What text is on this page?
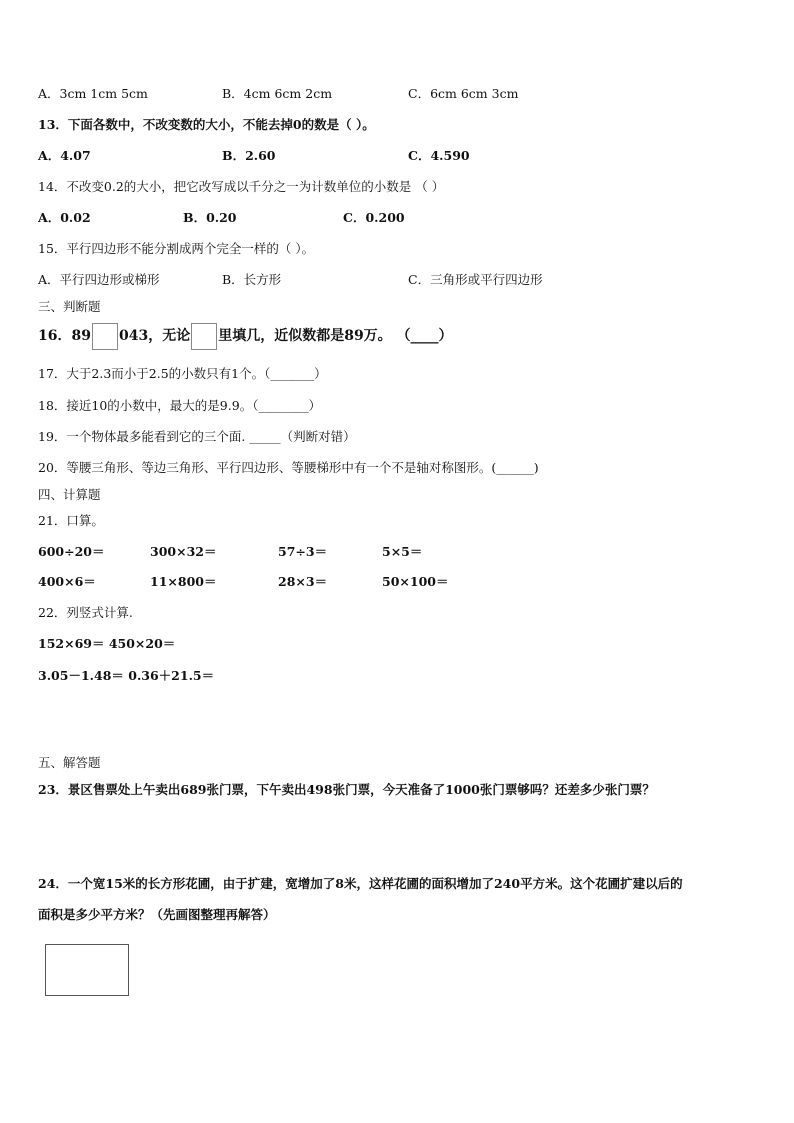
A．3cm 1cm 5cm	B．4cm 6cm 2cm	C．6cm 6cm 3cm
13．下面各数中，不改变数的大小，不能去掉0的数是（ ）。
A．4.07	B．2.60	C．4.590
14．不改变0.2的大小，把它改写成以千分之一为计数单位的小数是 （ ）
A．0.02	B．0.20	C．0.200
15．平行四边形不能分割成两个完全一样的（ ）。
A．平行四边形或梯形	B．长方形	C．三角形或平行四边形
三、判断题
16．89 043，无论 里填几，近似数都是89万。 （____）
17．大于2.3而小于2.5的小数只有1个。（_______）
18．接近10的小数中，最大的是9.9。（________）
19．一个物体最多能看到它的三个面. _____（判断对错）
20．等腰三角形、等边三角形、平行四边形、等腰梯形中有一个不是轴对称图形。(______)
四、计算题
21．口算。
600÷20＝	300×32＝	57÷3＝	5×5＝
400×6＝	11×800＝	28×3＝	50×100＝
22．列竖式计算.
152×69＝ 450×20＝
3.05－1.48＝ 0.36＋21.5＝
五、解答题
23．景区售票处上午卖出689张门票，下午卖出498张门票，今天准备了1000张门票够吗？还差多少张门票？
24．一个宽15米的长方形花圃，由于扩建，宽增加了8米，这样花圃的面积增加了240平方米。这个花圃扩建以后的
面积是多少平方米？（先画图整理再解答）
